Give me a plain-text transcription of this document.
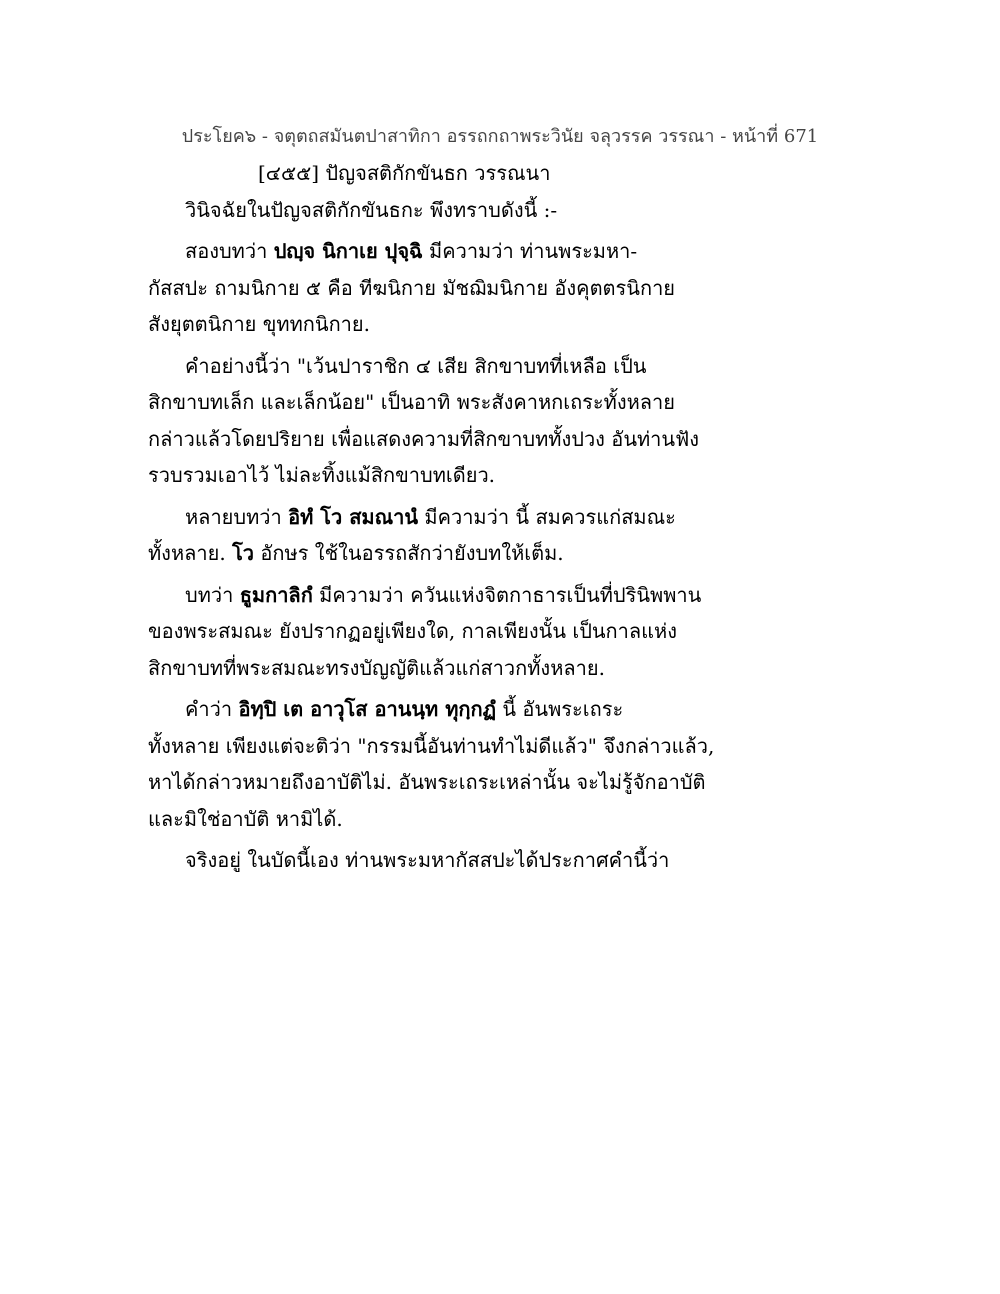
ประโยค๖ - จตุตถสมันตปาสาทิกา อรรถกถาพระวินัย จลุวรรค วรรณา - หน้าที่ 671
[๔๕๕] ปัญจสติกักขันธก วรรณนา
วินิจฉัยในปัญจสติกักขันธกะ พึงทราบดังนี้ :-
สองบทว่า ปญฺจ นิกาเย ปุจฺฉิ มีความว่า ท่านพระมหา-
กัสสปะ ถามนิกาย ๕ คือ ทีฆนิกาย มัชฌิมนิกาย อังคุตตรนิกาย
สังยุตตนิกาย ขุททกนิกาย.
คำอย่างนี้ว่า "เว้นปาราชิก ๔ เสีย สิกขาบทที่เหลือ เป็น
สิกขาบทเล็ก และเล็กน้อย" เป็นอาทิ พระสังคาหกเถระทั้งหลาย
กล่าวแล้วโดยปริยาย เพื่อแสดงความที่สิกขาบททั้งปวง อันท่านฟัง
รวบรวมเอาไว้ ไม่ละทิ้งแม้สิกขาบทเดียว.
หลายบทว่า อิทํ โว สมณานํ มีความว่า นี้ สมควรแก่สมณะ
ทั้งหลาย. โว อักษร ใช้ในอรรถสักว่ายังบทให้เต็ม.
บทว่า ธูมกาลิกํ มีความว่า ควันแห่งจิตกาธารเป็นที่ปรินิพพาน
ของพระสมณะ ยังปรากฏอยู่เพียงใด, กาลเพียงนั้น เป็นกาลแห่ง
สิกขาบทที่พระสมณะทรงบัญญัติแล้วแก่สาวกทั้งหลาย.
คำว่า อิทฺปิ เต อาวุโส อานนฺท ทุกฺกฏํ นี้ อันพระเถระ
ทั้งหลาย เพียงแต่จะติว่า "กรรมนี้อันท่านทำไม่ดีแล้ว" จึงกล่าวแล้ว,
หาได้กล่าวหมายถึงอาบัติไม่. อันพระเถระเหล่านั้น จะไม่รู้จักอาบัติ
และมิใช่อาบัติ หามิได้.
จริงอยู่ ในบัดนี้เอง ท่านพระมหากัสสปะได้ประกาศคำนี้ว่า
